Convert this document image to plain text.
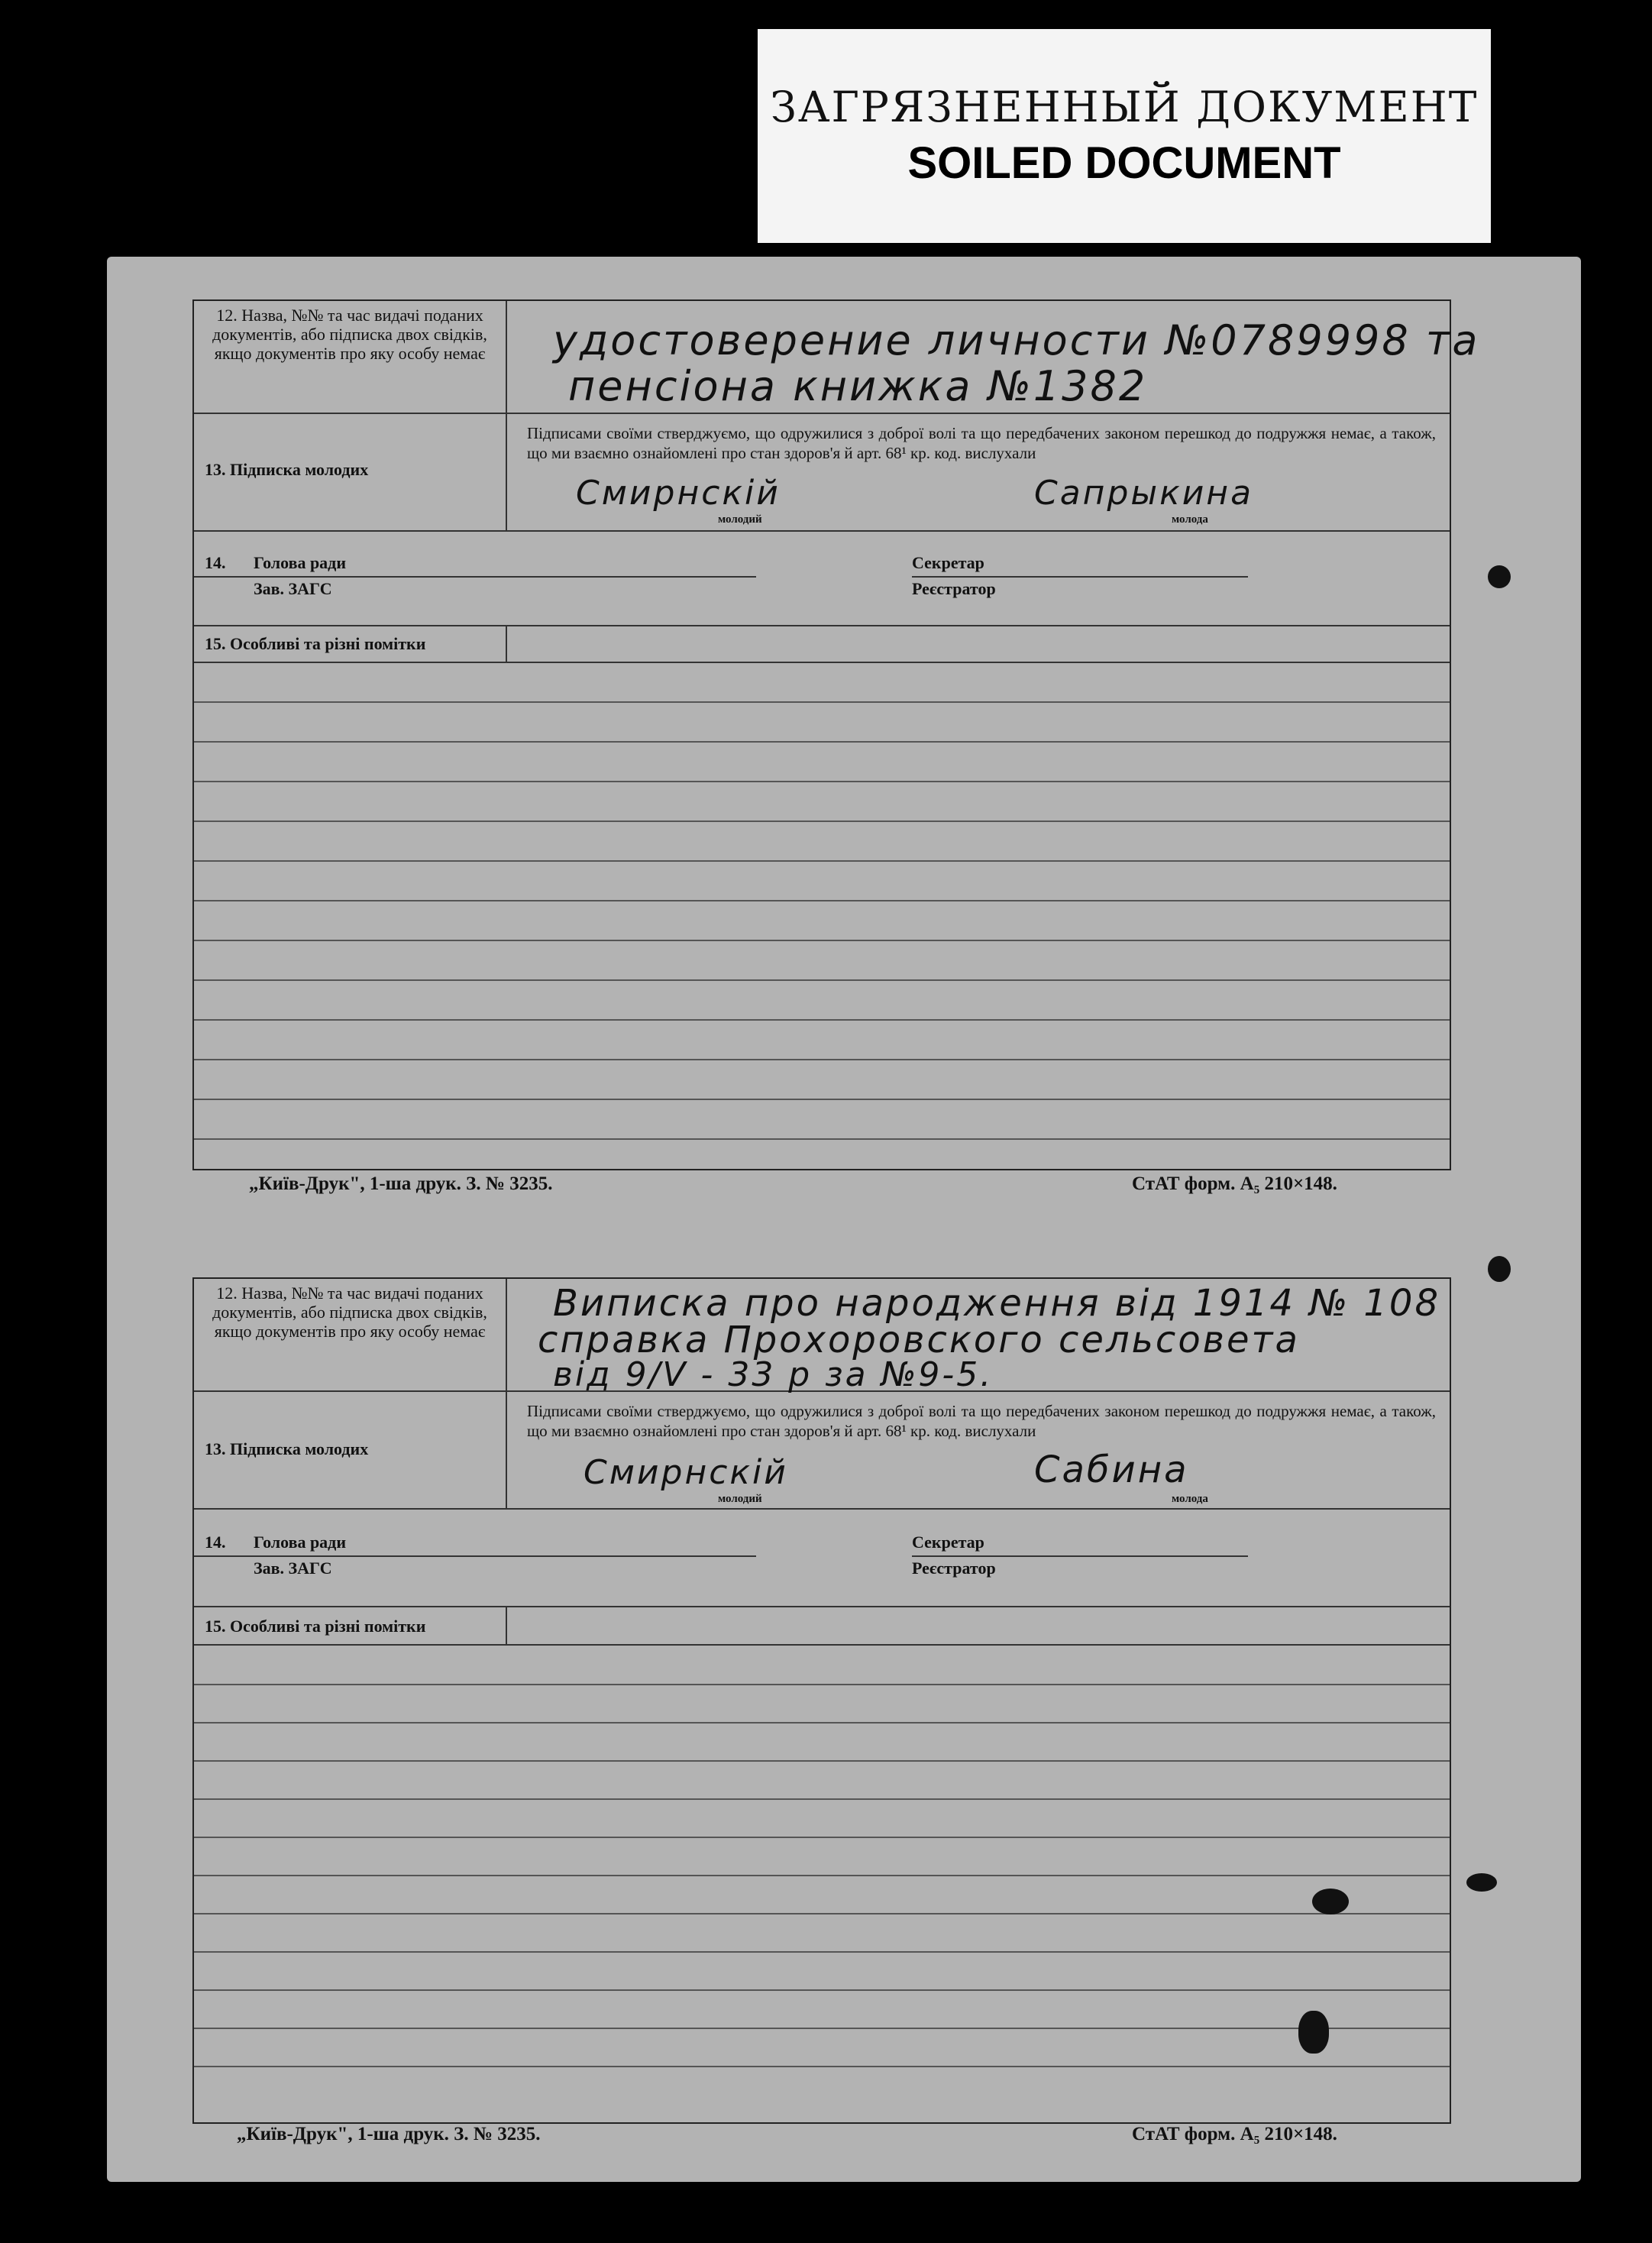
ЗАГРЯЗНЕННЫЙ ДОКУМЕНТ
SOILED DOCUMENT
12. Назва, №№ та час видачі поданих документів, або підписка двох свідків, якщо документів про яку особу немає	удостоверение личности №0789998 та
пенсіона книжка №1382
13. Підписка молодих
Підписами своїми стверджуємо, що одружилися з доброї волі та що передбачених законом перешкод до подружжя немає, а також, що ми взаємно ознайомлені про стан здоров'я й арт. 68¹ кр. код. вислухали
Смирнскій	Сапрыкина
молодий	молода
14. Голова ради
Зав. ЗАГС
Секретар
Реєстратор
15. Особливі та різні помітки
„Київ-Друк", 1-ша друк. З. № 3235.	СтАТ форм. А₅ 210×148.
12. Назва, №№ та час видачі поданих документів, або підписка двох свідків, якщо документів про яку особу немає
Виписка про народження від 1914 № 108
справка Прохоровского сельсовета
від 9/V - 33 р за №9-5.
13. Підписка молодих
Підписами своїми стверджуємо, що одружилися з доброї волі та що передбачених законом перешкод до подружжя немає, а також, що ми взаємно ознайомлені про стан здоров'я й арт. 68¹ кр. код. вислухали
Смирнскій	Сабина
молодий	молода
14. Голова ради
Зав. ЗАГС
Секретар
Реєстратор
15. Особливі та різні помітки
„Київ-Друк", 1-ша друк. З. № 3235.	СтАТ форм. А₅ 210×148.
